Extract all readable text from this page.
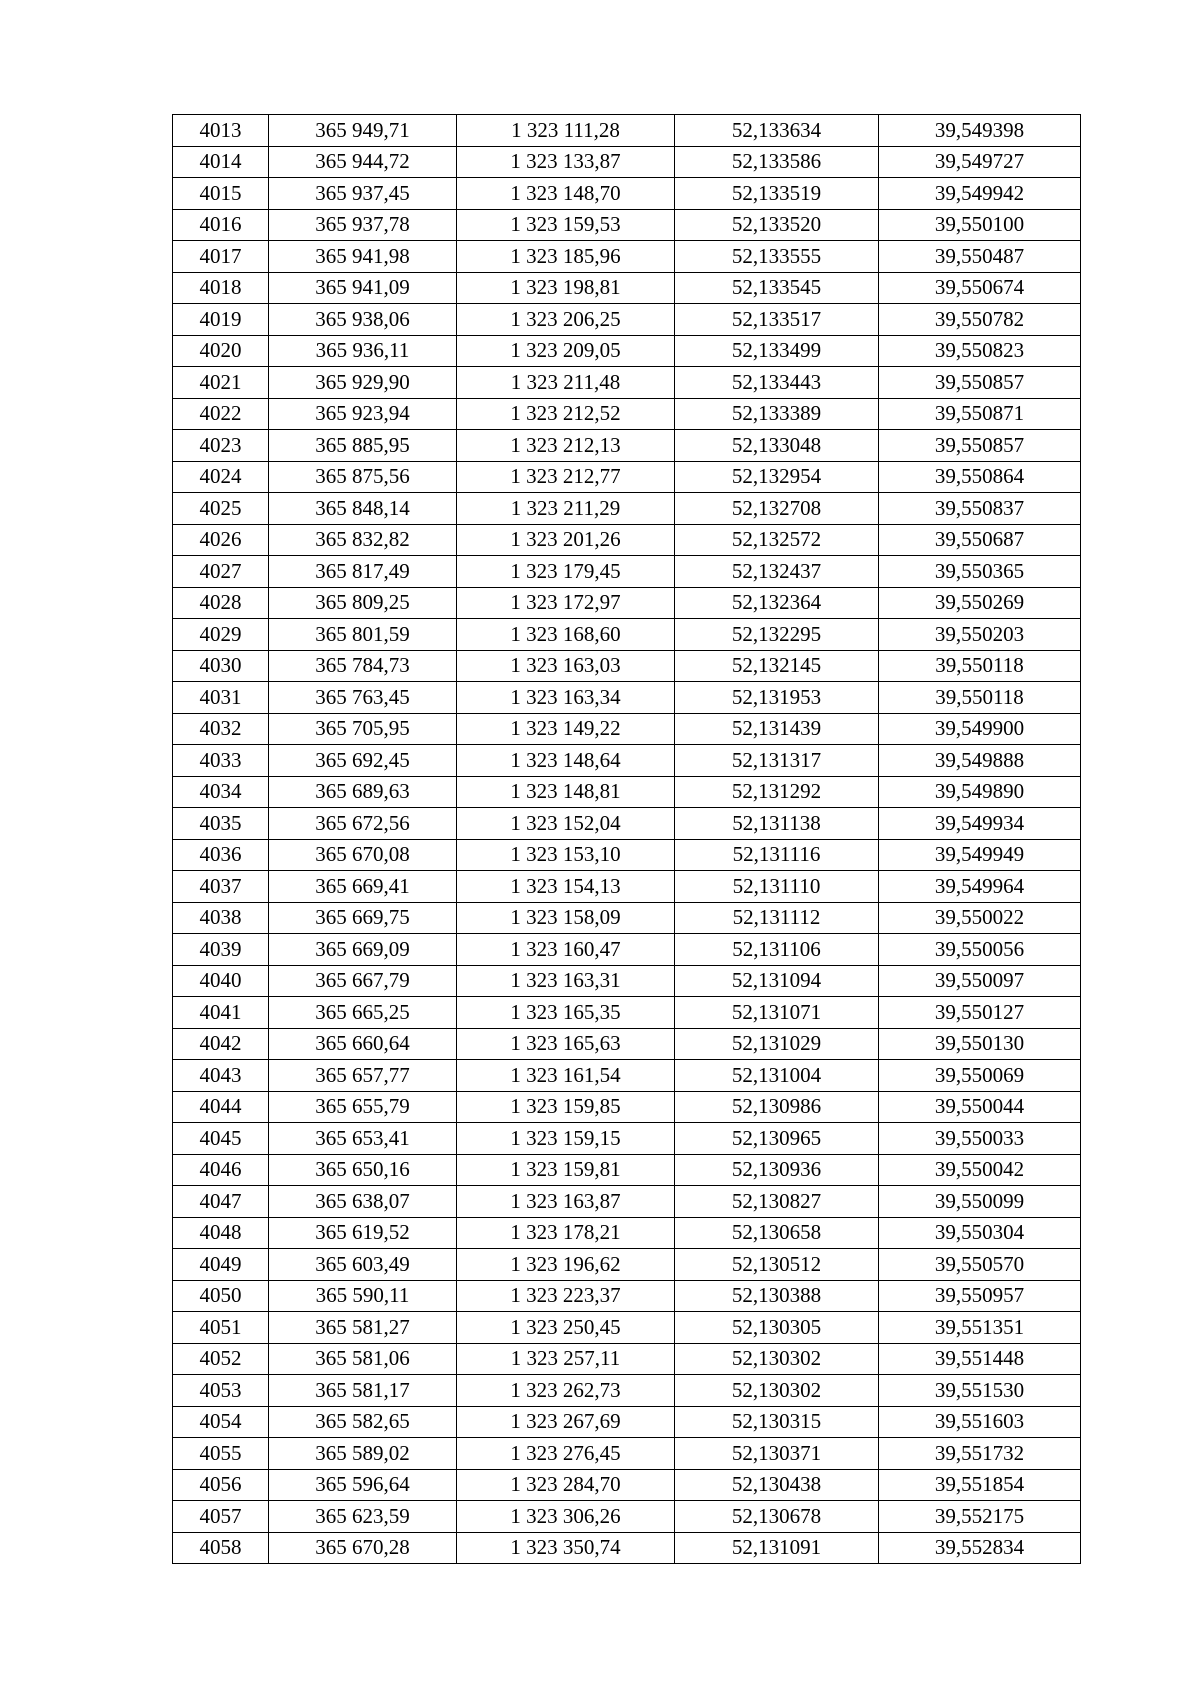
4013	365 949,71	1 323 111,28	52,133634	39,549398
4014	365 944,72	1 323 133,87	52,133586	39,549727
4015	365 937,45	1 323 148,70	52,133519	39,549942
4016	365 937,78	1 323 159,53	52,133520	39,550100
4017	365 941,98	1 323 185,96	52,133555	39,550487
4018	365 941,09	1 323 198,81	52,133545	39,550674
4019	365 938,06	1 323 206,25	52,133517	39,550782
4020	365 936,11	1 323 209,05	52,133499	39,550823
4021	365 929,90	1 323 211,48	52,133443	39,550857
4022	365 923,94	1 323 212,52	52,133389	39,550871
4023	365 885,95	1 323 212,13	52,133048	39,550857
4024	365 875,56	1 323 212,77	52,132954	39,550864
4025	365 848,14	1 323 211,29	52,132708	39,550837
4026	365 832,82	1 323 201,26	52,132572	39,550687
4027	365 817,49	1 323 179,45	52,132437	39,550365
4028	365 809,25	1 323 172,97	52,132364	39,550269
4029	365 801,59	1 323 168,60	52,132295	39,550203
4030	365 784,73	1 323 163,03	52,132145	39,550118
4031	365 763,45	1 323 163,34	52,131953	39,550118
4032	365 705,95	1 323 149,22	52,131439	39,549900
4033	365 692,45	1 323 148,64	52,131317	39,549888
4034	365 689,63	1 323 148,81	52,131292	39,549890
4035	365 672,56	1 323 152,04	52,131138	39,549934
4036	365 670,08	1 323 153,10	52,131116	39,549949
4037	365 669,41	1 323 154,13	52,131110	39,549964
4038	365 669,75	1 323 158,09	52,131112	39,550022
4039	365 669,09	1 323 160,47	52,131106	39,550056
4040	365 667,79	1 323 163,31	52,131094	39,550097
4041	365 665,25	1 323 165,35	52,131071	39,550127
4042	365 660,64	1 323 165,63	52,131029	39,550130
4043	365 657,77	1 323 161,54	52,131004	39,550069
4044	365 655,79	1 323 159,85	52,130986	39,550044
4045	365 653,41	1 323 159,15	52,130965	39,550033
4046	365 650,16	1 323 159,81	52,130936	39,550042
4047	365 638,07	1 323 163,87	52,130827	39,550099
4048	365 619,52	1 323 178,21	52,130658	39,550304
4049	365 603,49	1 323 196,62	52,130512	39,550570
4050	365 590,11	1 323 223,37	52,130388	39,550957
4051	365 581,27	1 323 250,45	52,130305	39,551351
4052	365 581,06	1 323 257,11	52,130302	39,551448
4053	365 581,17	1 323 262,73	52,130302	39,551530
4054	365 582,65	1 323 267,69	52,130315	39,551603
4055	365 589,02	1 323 276,45	52,130371	39,551732
4056	365 596,64	1 323 284,70	52,130438	39,551854
4057	365 623,59	1 323 306,26	52,130678	39,552175
4058	365 670,28	1 323 350,74	52,131091	39,552834
